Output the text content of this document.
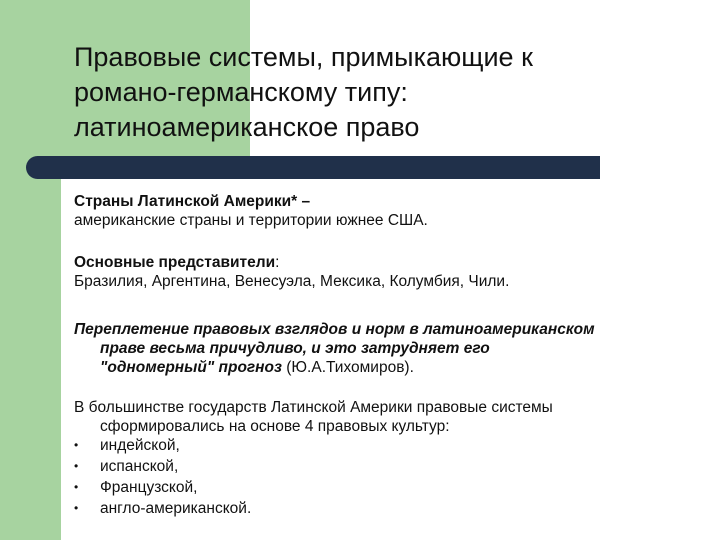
Правовые системы, примыкающие к
романо-германскому типу:
латиноамериканское право
Страны Латинской Америки* –
американские страны и территории южнее США.
Основные представители:
Бразилия, Аргентина, Венесуэла, Мексика, Колумбия, Чили.
Переплетение правовых взглядов и норм в латиноамериканском
праве весьма причудливо, и это затрудняет его
"одномерный" прогноз (Ю.А.Тихомиров).
В большинстве государств Латинской Америки правовые системы
сформировались на основе 4 правовых культур:
• индейской,
• испанской,
• Французской,
• англо-американской.
